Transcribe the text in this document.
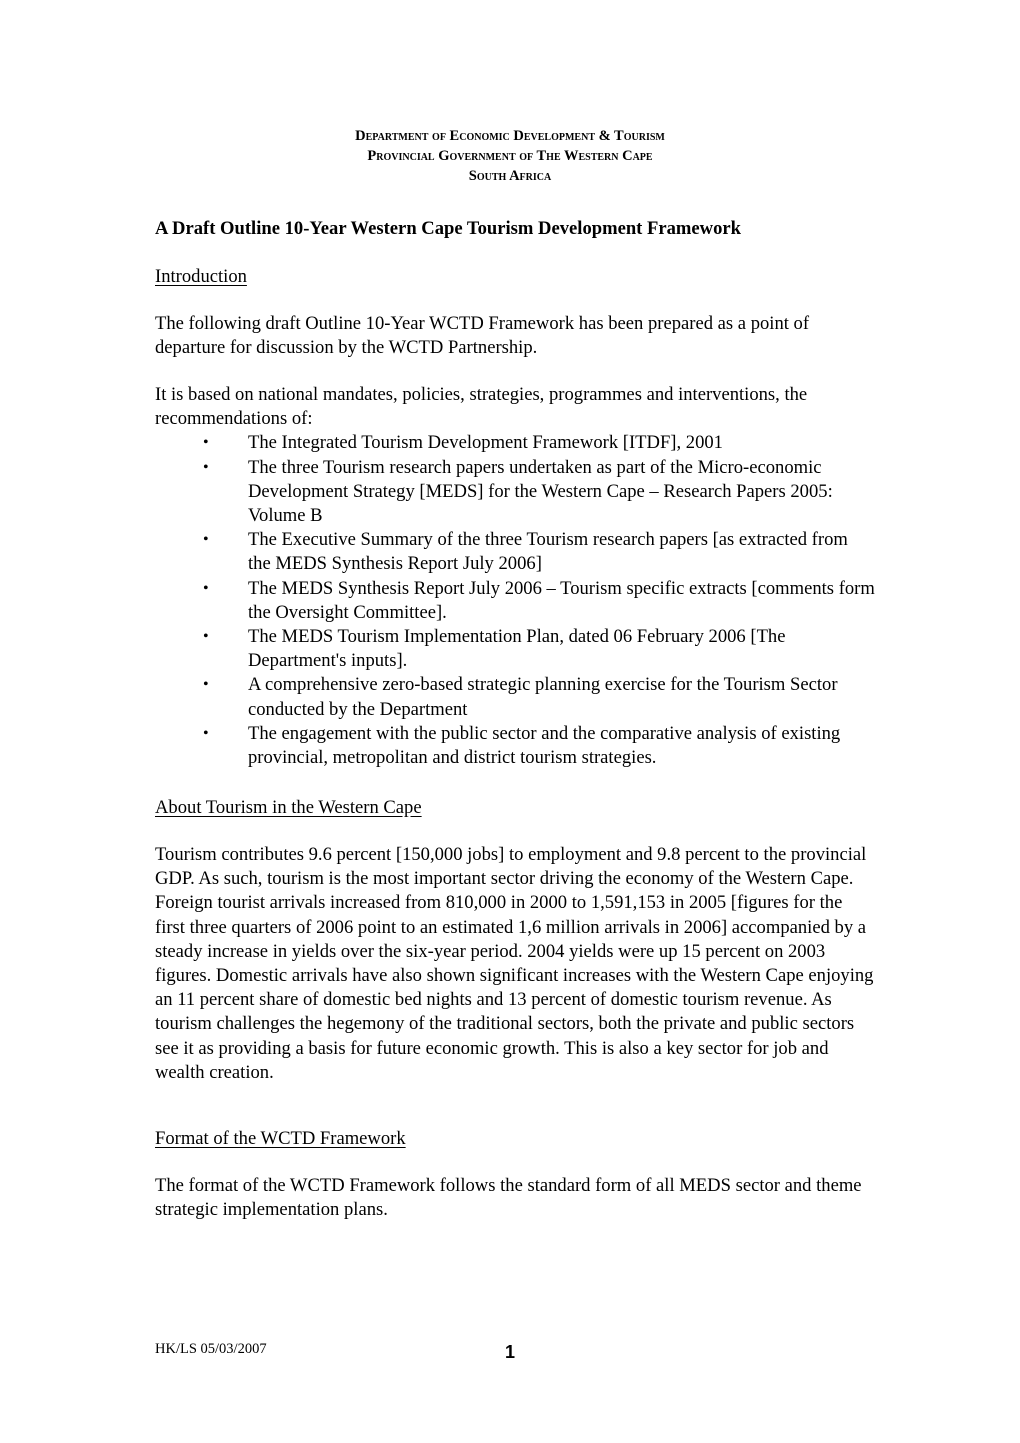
Department of Economic Development & Tourism
Provincial Government of The Western Cape
South Africa
A Draft Outline 10-Year Western Cape Tourism Development Framework
Introduction

The following draft Outline 10-Year WCTD Framework has been prepared as a point of departure for discussion by the WCTD Partnership.

It is based on national mandates, policies, strategies, programmes and interventions, the recommendations of:

• The Integrated Tourism Development Framework [ITDF], 2001
• The three Tourism research papers undertaken as part of the Micro-economic Development Strategy [MEDS] for the Western Cape – Research Papers 2005: Volume B
• The Executive Summary of the three Tourism research papers [as extracted from the MEDS Synthesis Report July 2006]
• The MEDS Synthesis Report July 2006 – Tourism specific extracts [comments form the Oversight Committee].
• The MEDS Tourism Implementation Plan, dated 06 February 2006 [The Department's inputs].
• A comprehensive zero-based strategic planning exercise for the Tourism Sector conducted by the Department
• The engagement with the public sector and the comparative analysis of existing provincial, metropolitan and district tourism strategies.
About Tourism in the Western Cape

Tourism contributes 9.6 percent [150,000 jobs] to employment and 9.8 percent to the provincial GDP. As such, tourism is the most important sector driving the economy of the Western Cape. Foreign tourist arrivals increased from 810,000 in 2000 to 1,591,153 in 2005 [figures for the first three quarters of 2006 point to an estimated 1,6 million arrivals in 2006] accompanied by a steady increase in yields over the six-year period. 2004 yields were up 15 percent on 2003 figures. Domestic arrivals have also shown significant increases with the Western Cape enjoying an 11 percent share of domestic bed nights and 13 percent of domestic tourism revenue. As tourism challenges the hegemony of the traditional sectors, both the private and public sectors see it as providing a basis for future economic growth. This is also a key sector for job and wealth creation.

Format of the WCTD Framework

The format of the WCTD Framework follows the standard form of all MEDS sector and theme strategic implementation plans.

HK/LS 05/03/2007	1
